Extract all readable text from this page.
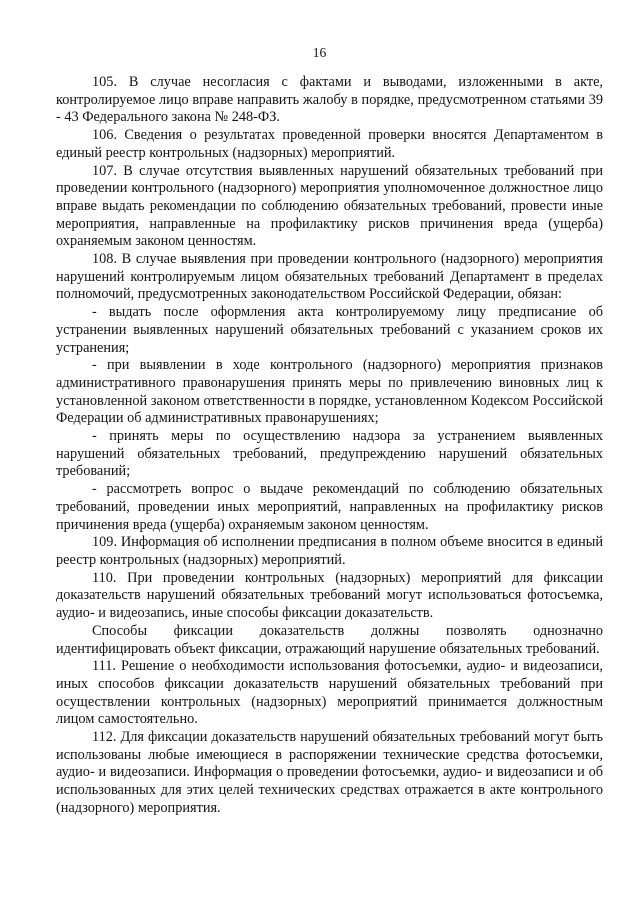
16

105. В случае несогласия с фактами и выводами, изложенными в акте, контролируемое лицо вправе направить жалобу в порядке, предусмотренном статьями 39 - 43 Федерального закона № 248-ФЗ.

106. Сведения о результатах проведенной проверки вносятся Департаментом в единый реестр контрольных (надзорных) мероприятий.

107. В случае отсутствия выявленных нарушений обязательных требований при проведении контрольного (надзорного) мероприятия уполномоченное должностное лицо вправе выдать рекомендации по соблюдению обязательных требований, провести иные мероприятия, направленные на профилактику рисков причинения вреда (ущерба) охраняемым законом ценностям.

108. В случае выявления при проведении контрольного (надзорного) мероприятия нарушений контролируемым лицом обязательных требований Департамент в пределах полномочий, предусмотренных законодательством Российской Федерации, обязан:

- выдать после оформления акта контролируемому лицу предписание об устранении выявленных нарушений обязательных требований с указанием сроков их устранения;

- при выявлении в ходе контрольного (надзорного) мероприятия признаков административного правонарушения принять меры по привлечению виновных лиц к установленной законом ответственности в порядке, установленном Кодексом Российской Федерации об административных правонарушениях;

- принять меры по осуществлению надзора за устранением выявленных нарушений обязательных требований, предупреждению нарушений обязательных требований;

- рассмотреть вопрос о выдаче рекомендаций по соблюдению обязательных требований, проведении иных мероприятий, направленных на профилактику рисков причинения вреда (ущерба) охраняемым законом ценностям.

109. Информация об исполнении предписания в полном объеме вносится в единый реестр контрольных (надзорных) мероприятий.

110. При проведении контрольных (надзорных) мероприятий для фиксации доказательств нарушений обязательных требований могут использоваться фотосъемка, аудио- и видеозапись, иные способы фиксации доказательств.

Способы фиксации доказательств должны позволять однозначно идентифицировать объект фиксации, отражающий нарушение обязательных требований.

111. Решение о необходимости использования фотосъемки, аудио- и видеозаписи, иных способов фиксации доказательств нарушений обязательных требований при осуществлении контрольных (надзорных) мероприятий принимается должностным лицом самостоятельно.

112. Для фиксации доказательств нарушений обязательных требований могут быть использованы любые имеющиеся в распоряжении технические средства фотосъемки, аудио- и видеозаписи. Информация о проведении фотосъемки, аудио- и видеозаписи и об использованных для этих целей технических средствах отражается в акте контрольного (надзорного) мероприятия.
